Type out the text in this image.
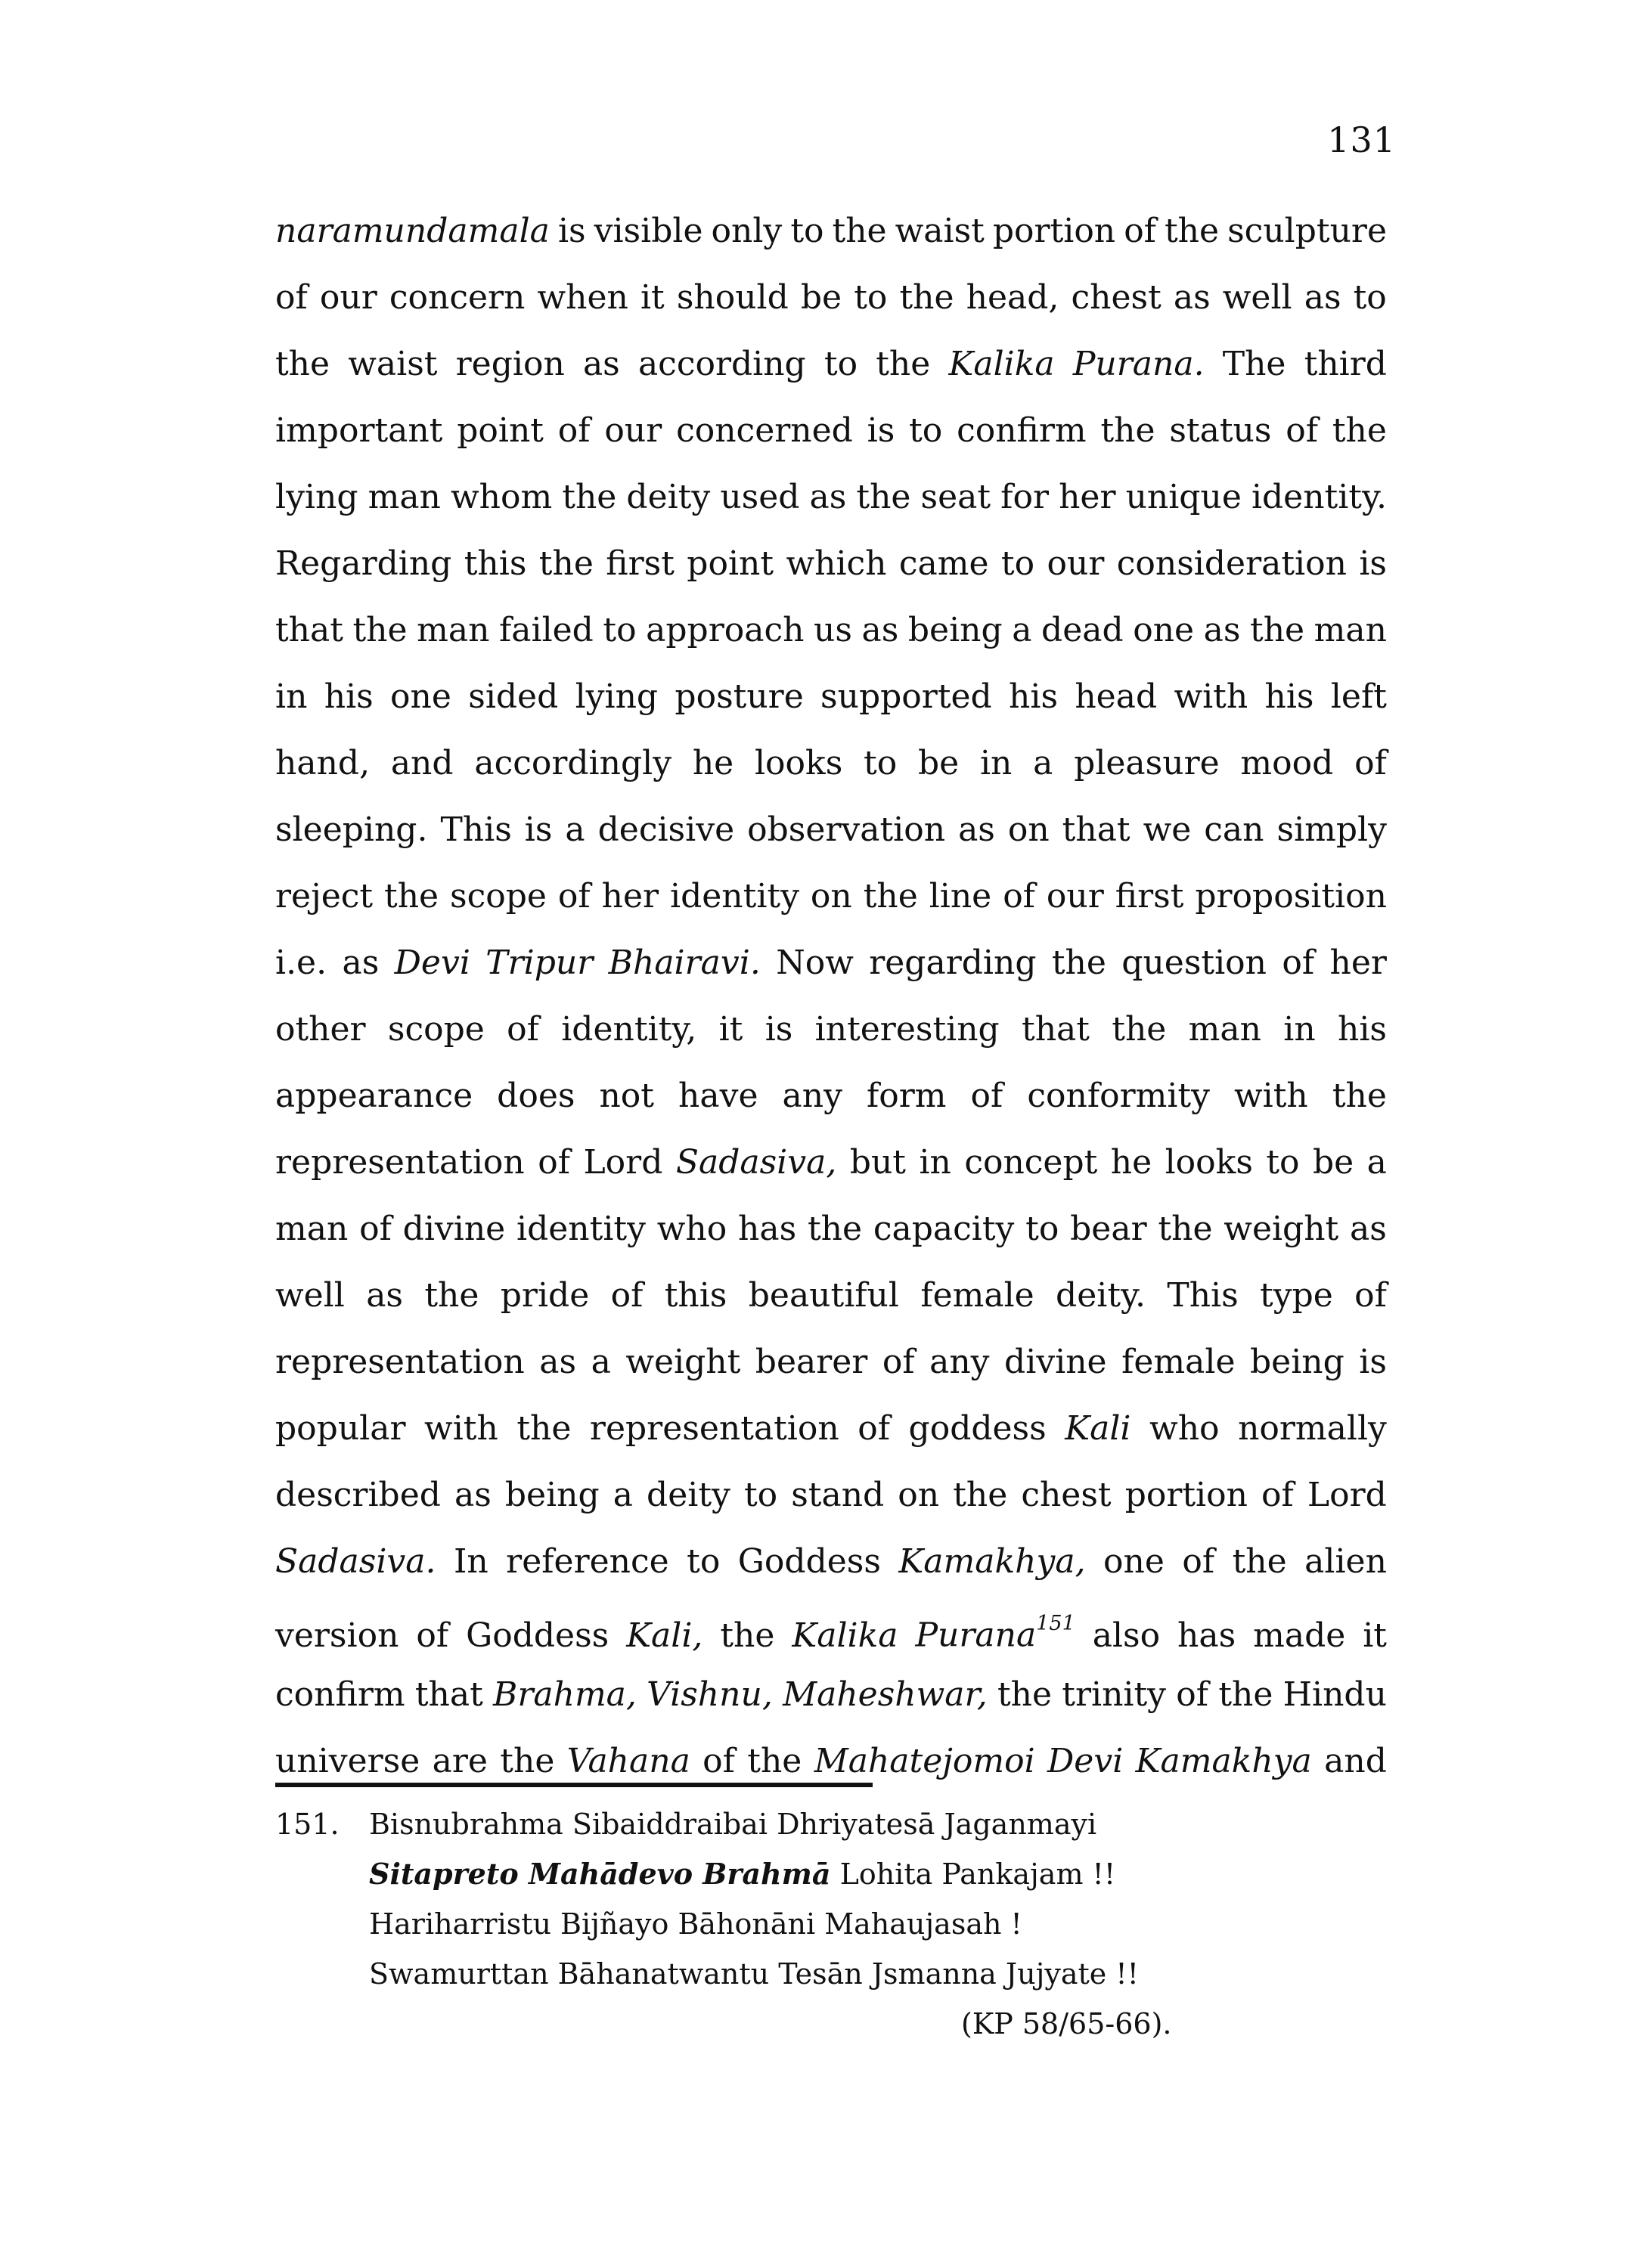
131
naramundamala is visible only to the waist portion of the sculpture
of our concern when it should be to the head, chest as well as to
the waist region as according to the Kalika Purana. The third
important point of our concerned is to confirm the status of the
lying man whom the deity used as the seat for her unique identity.
Regarding this the first point which came to our consideration is
that the man failed to approach us as being a dead one as the man
in his one sided lying posture supported his head with his left
hand, and accordingly he looks to be in a pleasure mood of
sleeping. This is a decisive observation as on that we can simply
reject the scope of her identity on the line of our first proposition
i.e. as Devi Tripur Bhairavi. Now regarding the question of her
other scope of identity, it is interesting that the man in his
appearance does not have any form of conformity with the
representation of Lord Sadasiva, but in concept he looks to be a
man of divine identity who has the capacity to bear the weight as
well as the pride of this beautiful female deity. This type of
representation as a weight bearer of any divine female being is
popular with the representation of goddess Kali who normally
described as being a deity to stand on the chest portion of Lord
Sadasiva. In reference to Goddess Kamakhya, one of the alien
version of Goddess Kali, the Kalika Purana$^{151}$ also has made it
confirm that Brahma, Vishnu, Maheshwar, the trinity of the Hindu
universe are the Vahana of the Mahatejomoi Devi Kamakhya and
151. Bisnubrahma Sibaiddraibai Dhriyatesā Jaganmayi
Sitapreto Mahādevo Brahmā Lohita Pankajam !!
Hariharristu Bijñayo Bāhonāni Mahaujasah !
Swamurttan Bāhanatwantu Tesān Jsmanna Jujyate !!
(KP 58/65-66).
